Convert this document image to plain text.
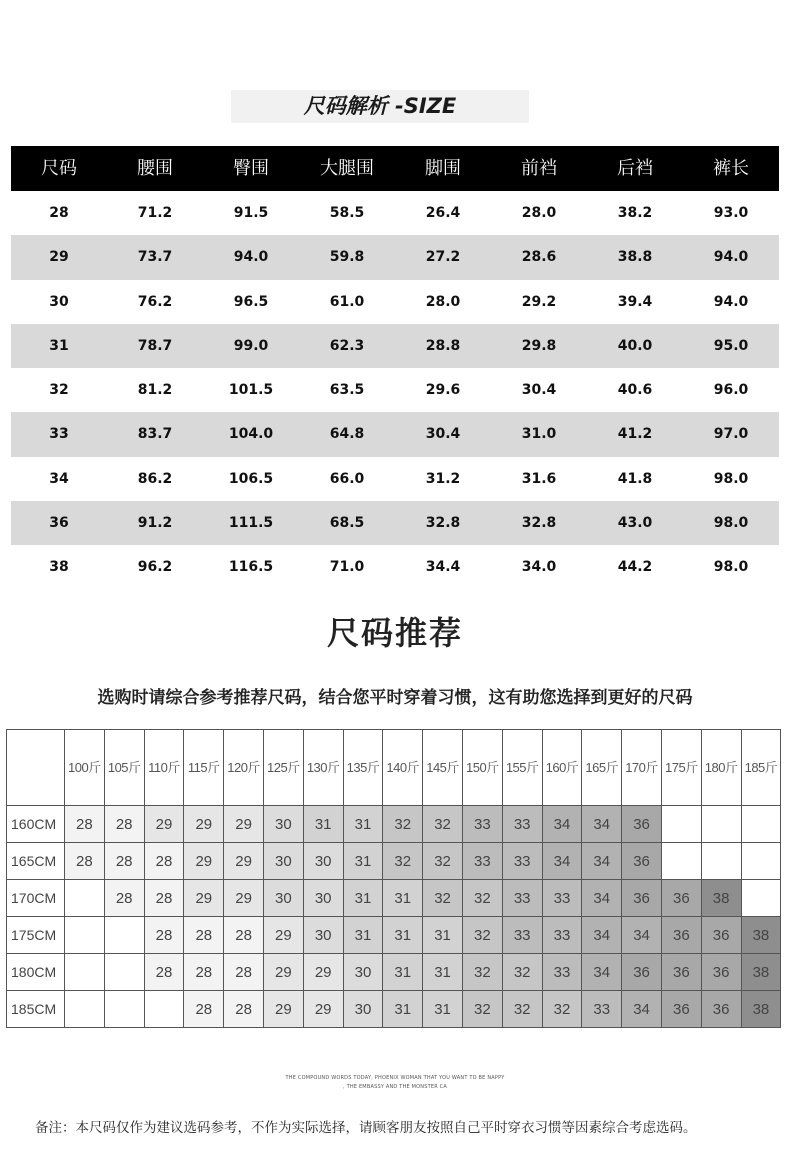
尺码解析 -SIZE
尺码	腰围	臀围	大腿围	脚围	前裆	后裆	裤长
28	71.2	91.5	58.5	26.4	28.0	38.2	93.0
29	73.7	94.0	59.8	27.2	28.6	38.8	94.0
30	76.2	96.5	61.0	28.0	29.2	39.4	94.0
31	78.7	99.0	62.3	28.8	29.8	40.0	95.0
32	81.2	101.5	63.5	29.6	30.4	40.6	96.0
33	83.7	104.0	64.8	30.4	31.0	41.2	97.0
34	86.2	106.5	66.0	31.2	31.6	41.8	98.0
36	91.2	111.5	68.5	32.8	32.8	43.0	98.0
38	96.2	116.5	71.0	34.4	34.0	44.2	98.0
尺码推荐
选购时请综合参考推荐尺码，结合您平时穿着习惯，这有助您选择到更好的尺码

	100斤	105斤	110斤	115斤	120斤	125斤	130斤	135斤	140斤	145斤	150斤	155斤	160斤	165斤	170斤	175斤	180斤	185斤

160CM	28	28	29	29	29	30	31	31	32	32	33	33	34	34	36			
165CM	28	28	28	29	29	30	30	31	32	32	33	33	34	34	36			
170CM		28	28	29	29	30	30	31	31	32	32	33	33	34	36	36	38	
175CM			28	28	28	29	30	31	31	31	32	33	33	34	34	36	36	38
180CM			28	28	28	29	29	30	31	31	32	32	33	34	36	36	36	38
185CM				28	28	29	29	30	31	31	32	32	32	33	34	36	36	38
THE COMPOUND WORDS TODAY, PHOENIX WOMAN THAT YOU WANT TO BE NAPPY
, THE EMBASSY AND THE MONSTER CA
备注：本尺码仅作为建议选码参考，不作为实际选择，请顾客朋友按照自己平时穿衣习惯等因素综合考虑选码。
